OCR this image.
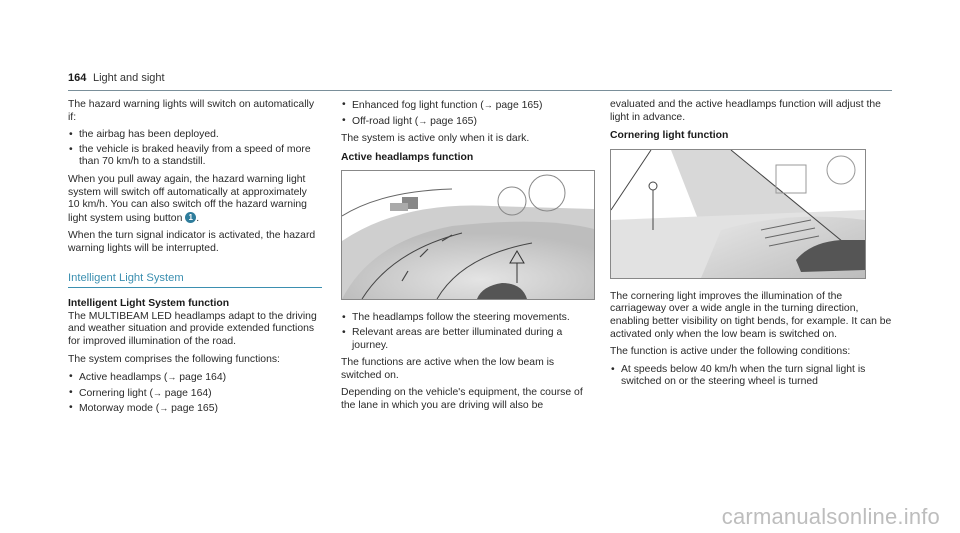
164 Light and sight

The hazard warning lights will switch on automatically if:

• the airbag has been deployed.
• the vehicle is braked heavily from a speed of more than 70 km/h to a standstill.

When you pull away again, the hazard warning light system will switch off automatically at approximately 10 km/h. You can also switch off the hazard warning light system using button 1 .

When the turn signal indicator is activated, the hazard warning lights will be interrupted.

Intelligent Light System
Intelligent Light System function

The MULTIBEAM LED headlamps adapt to the driving and weather situation and provide extended functions for improved illumination of the road.

The system comprises the following functions:

• Active headlamps (→ page 164)
• Cornering light (→ page 164)
• Motorway mode (→ page 165)
• Enhanced fog light function (→ page 165)
• Off-road light (→ page 165)

The system is active only when it is dark.

Active headlamps function
• The headlamps follow the steering movements.
• Relevant areas are better illuminated during a journey.

The functions are active when the low beam is switched on.

Depending on the vehicle's equipment, the course of the lane in which you are driving will also be

evaluated and the active headlamps function will adjust the light in advance.

Cornering light function

The cornering light improves the illumination of the carriageway over a wide angle in the turning direction, enabling better visibility on tight bends, for example. It can be activated only when the low beam is switched on.

The function is active under the following conditions:

• At speeds below 40 km/h when the turn signal light is switched on or the steering wheel is turned
carmanualsonline.info
